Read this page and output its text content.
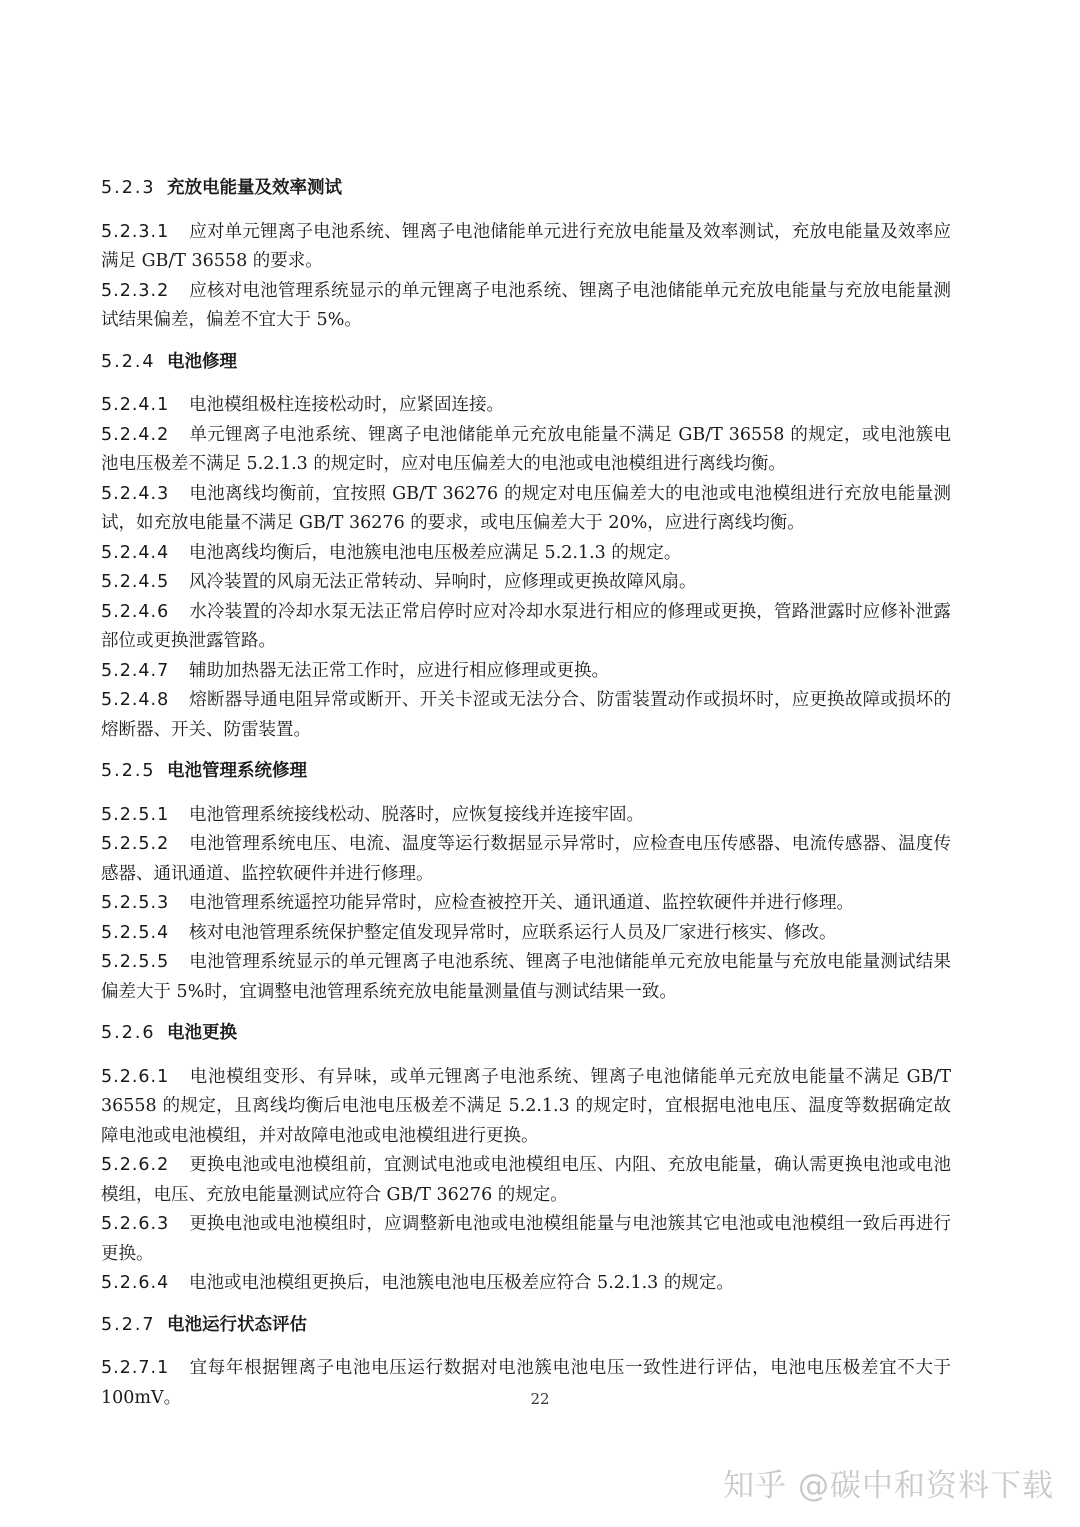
5.2.3 充放电能量及效率测试
5.2.3.1 应对单元锂离子电池系统、锂离子电池储能单元进行充放电能量及效率测试，充放电能量及效率应满足 GB/T 36558 的要求。
5.2.3.2 应核对电池管理系统显示的单元锂离子电池系统、锂离子电池储能单元充放电能量与充放电能量测试结果偏差，偏差不宜大于 5%。
5.2.4 电池修理
5.2.4.1 电池模组极柱连接松动时，应紧固连接。
5.2.4.2 单元锂离子电池系统、锂离子电池储能单元充放电能量不满足 GB/T 36558 的规定，或电池簇电池电压极差不满足 5.2.1.3 的规定时，应对电压偏差大的电池或电池模组进行离线均衡。
5.2.4.3 电池离线均衡前，宜按照 GB/T 36276 的规定对电压偏差大的电池或电池模组进行充放电能量测试，如充放电能量不满足 GB/T 36276 的要求，或电压偏差大于 20%，应进行离线均衡。
5.2.4.4 电池离线均衡后，电池簇电池电压极差应满足 5.2.1.3 的规定。
5.2.4.5 风冷装置的风扇无法正常转动、异响时，应修理或更换故障风扇。
5.2.4.6 水冷装置的冷却水泵无法正常启停时应对冷却水泵进行相应的修理或更换，管路泄露时应修补泄露部位或更换泄露管路。
5.2.4.7 辅助加热器无法正常工作时，应进行相应修理或更换。
5.2.4.8 熔断器导通电阻异常或断开、开关卡涩或无法分合、防雷装置动作或损坏时，应更换故障或损坏的熔断器、开关、防雷装置。
5.2.5 电池管理系统修理
5.2.5.1 电池管理系统接线松动、脱落时，应恢复接线并连接牢固。
5.2.5.2 电池管理系统电压、电流、温度等运行数据显示异常时，应检查电压传感器、电流传感器、温度传感器、通讯通道、监控软硬件并进行修理。
5.2.5.3 电池管理系统遥控功能异常时，应检查被控开关、通讯通道、监控软硬件并进行修理。
5.2.5.4 核对电池管理系统保护整定值发现异常时，应联系运行人员及厂家进行核实、修改。
5.2.5.5 电池管理系统显示的单元锂离子电池系统、锂离子电池储能单元充放电能量与充放电能量测试结果偏差大于 5%时，宜调整电池管理系统充放电能量测量值与测试结果一致。
5.2.6 电池更换
5.2.6.1 电池模组变形、有异味，或单元锂离子电池系统、锂离子电池储能单元充放电能量不满足 GB/T 36558 的规定，且离线均衡后电池电压极差不满足 5.2.1.3 的规定时，宜根据电池电压、温度等数据确定故障电池或电池模组，并对故障电池或电池模组进行更换。
5.2.6.2 更换电池或电池模组前，宜测试电池或电池模组电压、内阻、充放电能量，确认需更换电池或电池模组，电压、充放电能量测试应符合 GB/T 36276 的规定。
5.2.6.3 更换电池或电池模组时，应调整新电池或电池模组能量与电池簇其它电池或电池模组一致后再进行更换。
5.2.6.4 电池或电池模组更换后，电池簇电池电压极差应符合 5.2.1.3 的规定。
5.2.7 电池运行状态评估
5.2.7.1 宜每年根据锂离子电池电压运行数据对电池簇电池电压一致性进行评估，电池电压极差宜不大于 100mV。	22
知乎 @碳中和资料下载
